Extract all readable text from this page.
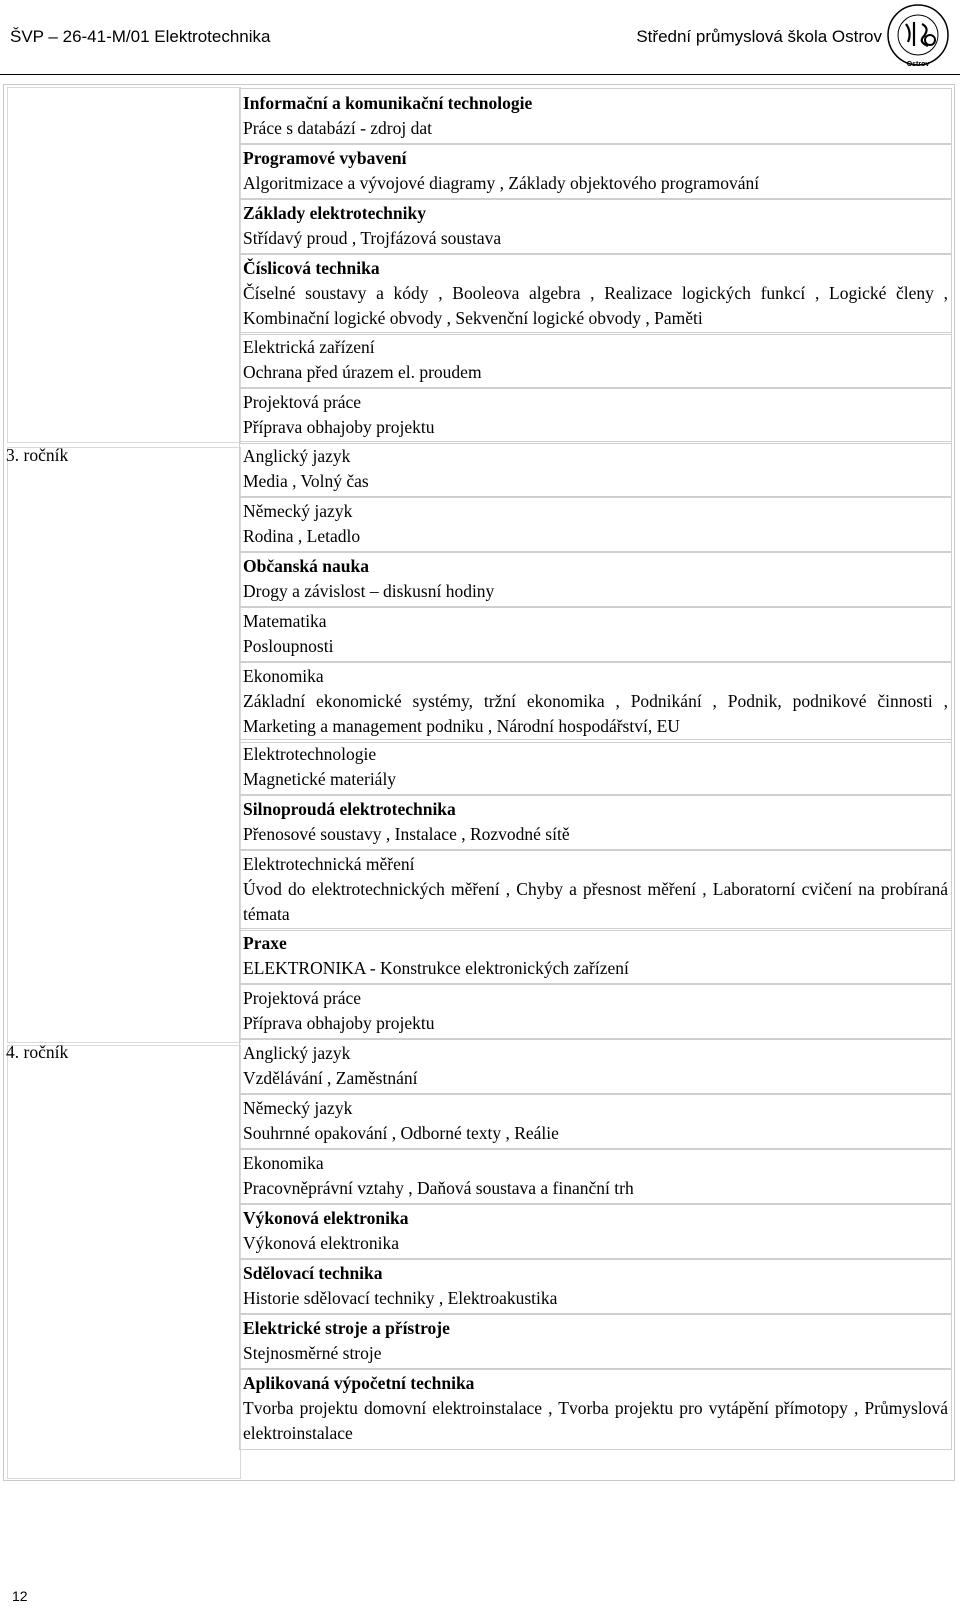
ŠVP – 26-41-M/01 Elektrotechnika	Střední průmyslová škola Ostrov
Ostrov
3. ročník
4. ročník
Informační a komunikační technologie
Práce s databází - zdroj dat
Programové vybavení
Algoritmizace a vývojové diagramy , Základy objektového programování
Základy elektrotechniky
Střídavý proud , Trojfázová soustava
Číslicová technika
Číselné soustavy a kódy , Booleova algebra , Realizace logických funkcí , Logické členy , Kombinační logické obvody , Sekvenční logické obvody , Paměti
Elektrická zařízení
Ochrana před úrazem el. proudem
Projektová práce
Příprava obhajoby projektu
Anglický jazyk
Media , Volný čas
Německý jazyk
Rodina , Letadlo
Občanská nauka
Drogy a závislost – diskusní hodiny
Matematika
Posloupnosti
Ekonomika
Základní ekonomické systémy, tržní ekonomika , Podnikání , Podnik, podnikové činnosti , Marketing a management podniku , Národní hospodářství, EU
Elektrotechnologie
Magnetické materiály
Silnoproudá elektrotechnika
Přenosové soustavy , Instalace , Rozvodné sítě
Elektrotechnická měření
Úvod do elektrotechnických měření , Chyby a přesnost měření , Laboratorní cvičení na probíraná témata
Praxe
ELEKTRONIKA - Konstrukce elektronických zařízení
Projektová práce
Příprava obhajoby projektu
Anglický jazyk
Vzdělávání , Zaměstnání
Německý jazyk
Souhrnné opakování , Odborné texty , Reálie
Ekonomika
Pracovněprávní vztahy , Daňová soustava a finanční trh
Výkonová elektronika
Výkonová elektronika
Sdělovací technika
Historie sdělovací techniky , Elektroakustika
Elektrické stroje a přístroje
Stejnosměrné stroje
Aplikovaná výpočetní technika
Tvorba projektu domovní elektroinstalace , Tvorba projektu pro vytápění přímotopy , Průmyslová elektroinstalace
12
